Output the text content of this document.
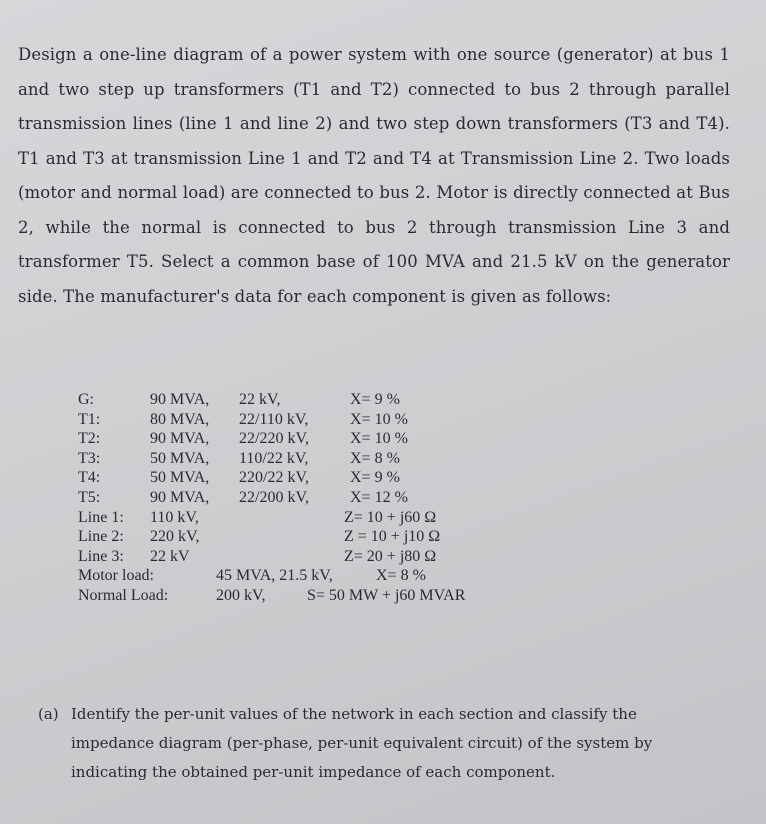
Design a one-line diagram of a power system with one source (generator) at bus 1 and two step up transformers (T1 and T2) connected to bus 2 through parallel transmission lines (line 1 and line 2) and two step down transformers (T3 and T4). T1 and T3 at transmission Line 1 and T2 and T4 at Transmission Line 2. Two loads (motor and normal load) are connected to bus 2. Motor is directly connected at Bus 2, while the normal is connected to bus 2 through transmission Line 3 and transformer T5. Select a common base of 100 MVA and 21.5 kV on the generator side. The manufacturer's data for each component is given as follows:

G:	90 MVA, 22 kV,	X= 9 %
T1:	80 MVA, 22/110 kV,	X= 10 %
T2:	90 MVA, 22/220 kV,	X= 10 %
T3:	50 MVA, 110/22 kV,	X= 8 %
T4:	50 MVA, 220/22 kV,	X= 9 %
T5:	90 MVA, 22/200 kV,	X= 12 %
Line 1: 110 kV,	Z= 10 + j60 Ω
Line 2: 220 kV,	Z = 10 + j10 Ω
Line 3: 22 kV	Z= 20 + j80 Ω
Motor load:	45 MVA, 21.5 kV,	X= 8 %
Normal Load:	200 kV,	S= 50 MW + j60 MVAR
(a) Identify the per-unit values of the network in each section and classify the impedance diagram (per-phase, per-unit equivalent circuit) of the system by indicating the obtained per-unit impedance of each component.
